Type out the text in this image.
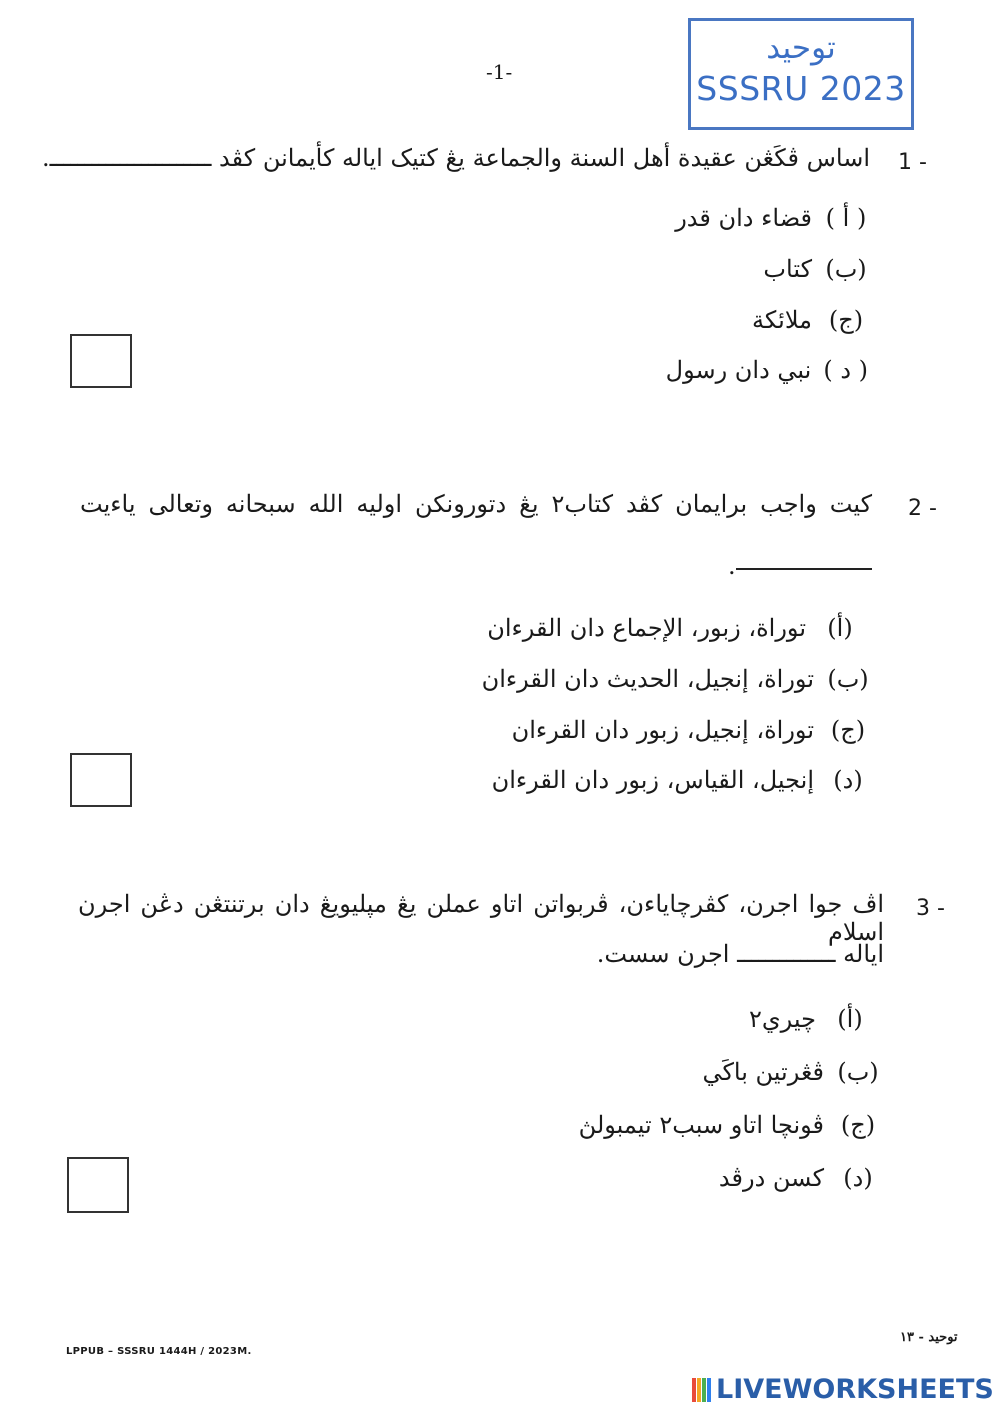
توحيد
SSSRU 2023
-1-
1 -
اساس ڤكَڠن عقيدة أهل السنة والجماعة يڠ كتيک اياله كأيمانن كڤد ـــــــــــــــــــــــ.
( أ )قضاء دان قدر
(ب)كتاب
(ج)ملائكة
( د )نبي دان رسول
2 -
كيت واجب برايمان كڤد كتاب٢ يڠ دتورونكن اوليه الله سبحانه وتعالى ياءيت
.
(أ)توراة، زبور، الإجماع دان القرءان
(ب)توراة، إنجيل، الحديث دان القرءان
(ج)توراة، إنجيل، زبور دان القرءان
(د)إنجيل، القياس، زبور دان القرءان
3 -
اڤ جوا اجرن، كڤرچاياءن، ڤربواتن اتاو عملن يڠ مڽليويڠ دان برتنتڠن دڠن اجرن اسلام
اياله ــــــــــــــ اجرن سست.
(أ)چيري٢
(ب)ڤڠرتين باكَي
(ج)ڤونچا اتاو سبب٢ تيمبولڽ
(د)كسن درڤد
LPPUB – SSSRU 1444H / 2023M.
توحيد - ١٣
LIVEWORKSHEETS
